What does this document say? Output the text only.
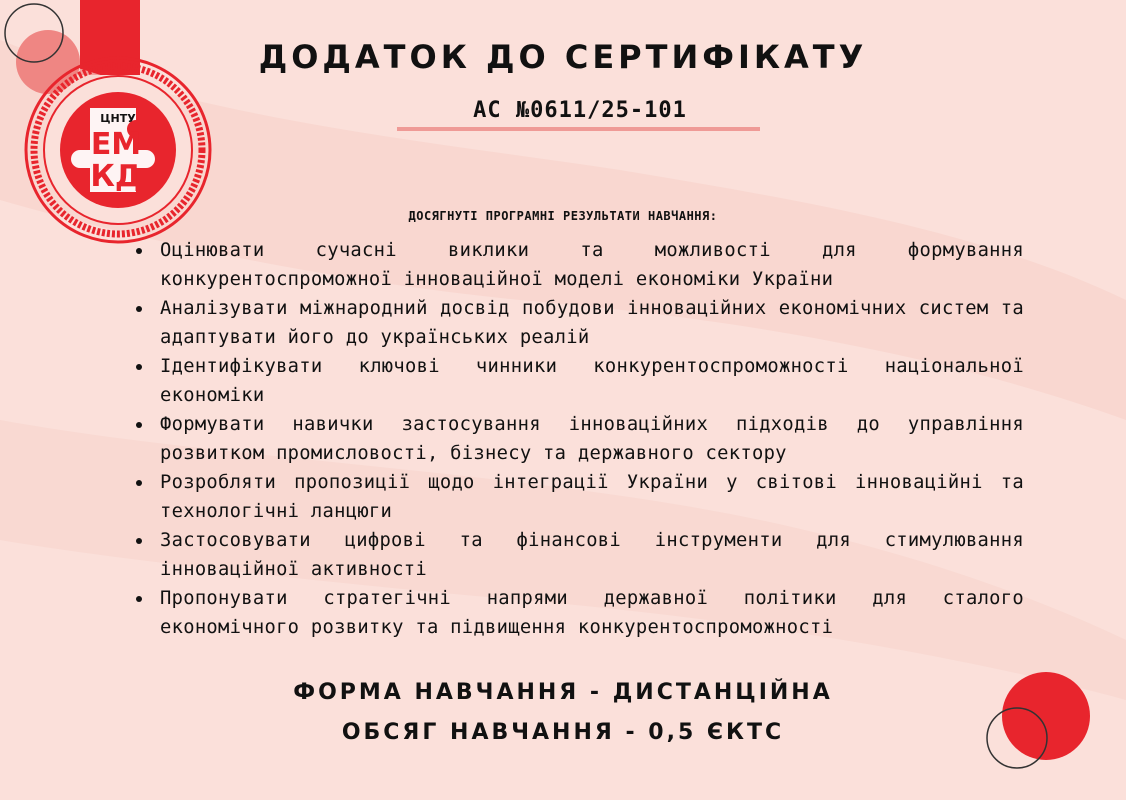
ЦНТУ
ЕМ
КД
ДОДАТОК ДО СЕРТИФІКАТУ
АС №0611/25-101
ДОСЯГНУТІ ПРОГРАМНІ РЕЗУЛЬТАТИ НАВЧАННЯ:
Оцінювати сучасні виклики та можливості для формування конкурентоспроможної інноваційної моделі економіки України
Аналізувати міжнародний досвід побудови інноваційних економічних систем та адаптувати його до українських реалій
Ідентифікувати ключові чинники конкурентоспроможності національної економіки
Формувати навички застосування інноваційних підходів до управління розвитком промисловості, бізнесу та державного сектору
Розробляти пропозиції щодо інтеграції України у світові інноваційні та технологічні ланцюги
Застосовувати цифрові та фінансові інструменти для стимулювання інноваційної активності
Пропонувати стратегічні напрями державної політики для сталого економічного розвитку та підвищення конкурентоспроможності
ФОРМА НАВЧАННЯ - ДИСТАНЦІЙНА
ОБСЯГ НАВЧАННЯ - 0,5 ЄКТС
